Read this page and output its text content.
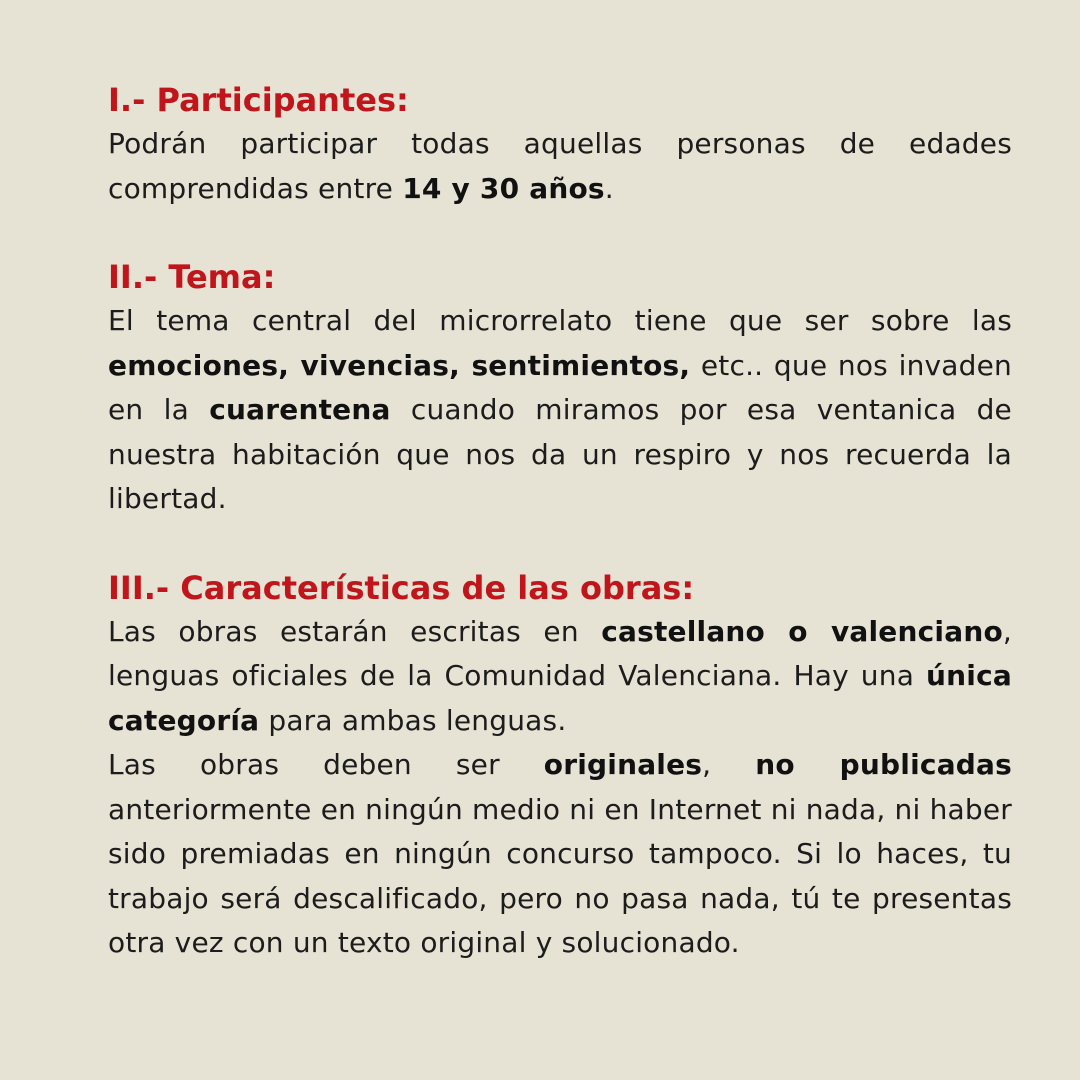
I.- Participantes:

Podrán participar todas aquellas personas de edades comprendidas entre 14 y 30 años.

II.- Tema:

El tema central del microrrelato tiene que ser sobre las emociones, vivencias, sentimientos, etc.. que nos invaden en la cuarentena cuando miramos por esa ventanica de nuestra habitación que nos da un respiro y nos recuerda la libertad.

III.- Características de las obras:

Las obras estarán escritas en castellano o valenciano, lenguas oficiales de la Comunidad Valenciana. Hay una única categoría para ambas lenguas.

Las obras deben ser originales, no publicadas anteriormente en ningún medio ni en Internet ni nada, ni haber sido premiadas en ningún concurso tampoco. Si lo haces, tu trabajo será descalificado, pero no pasa nada, tú te presentas otra vez con un texto original y solucionado.
